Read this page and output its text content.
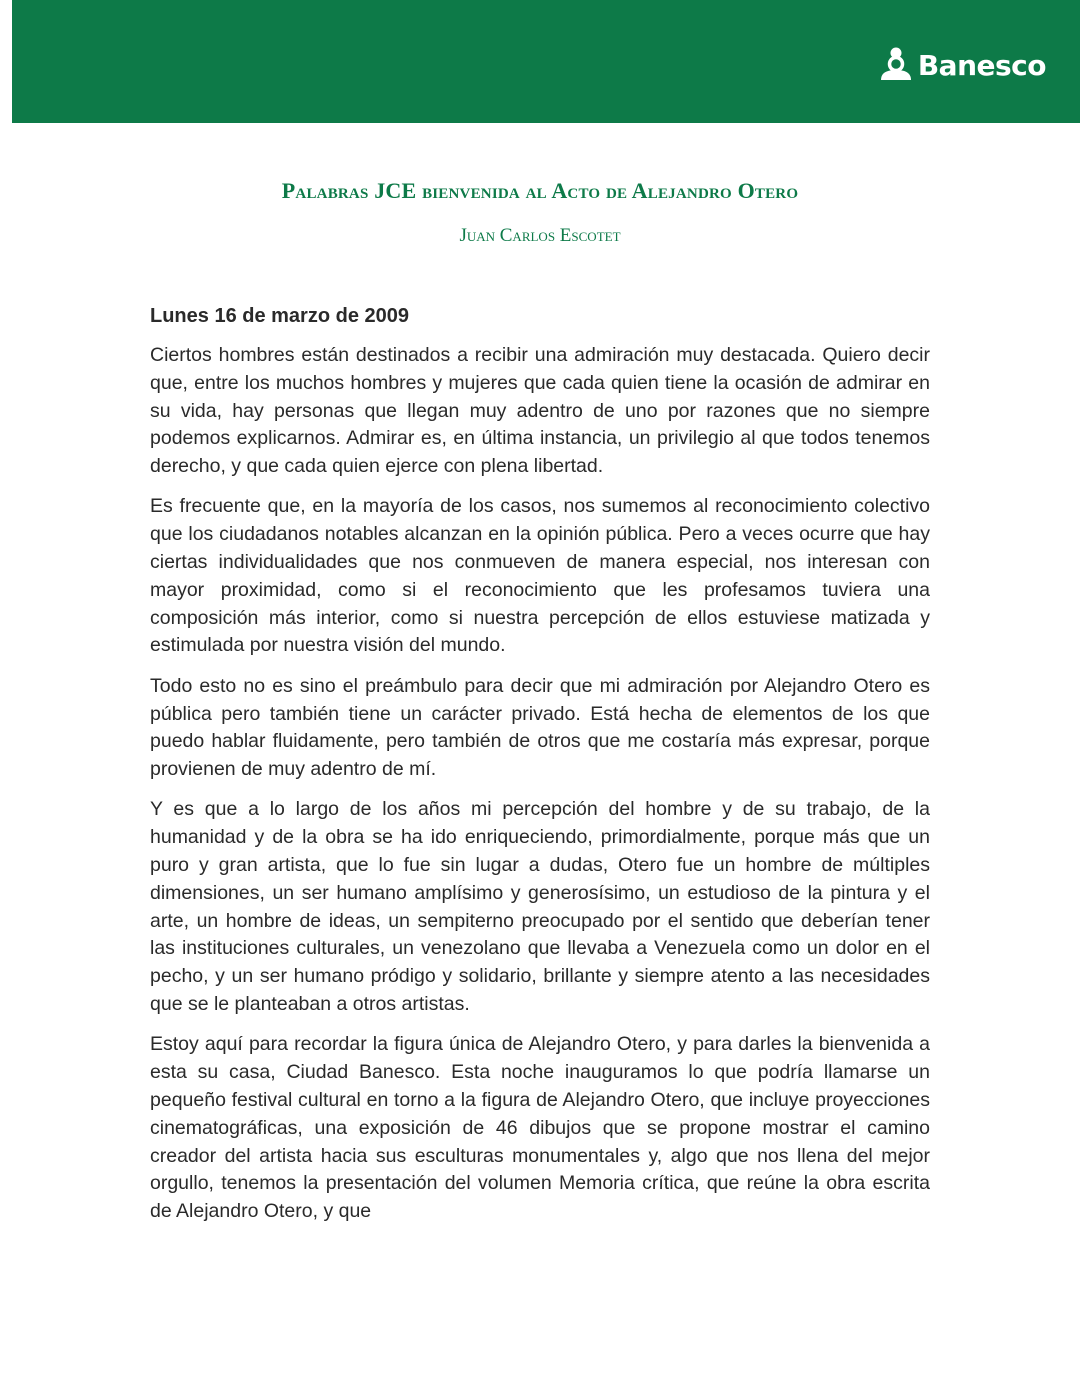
Banesco
Palabras JCE bienvenida al Acto de Alejandro Otero
Juan Carlos Escotet

Lunes 16 de marzo de 2009

Ciertos hombres están destinados a recibir una admiración muy destacada. Quiero decir que, entre los muchos hombres y mujeres que cada quien tiene la ocasión de admirar en su vida, hay personas que llegan muy adentro de uno por razones que no siempre podemos explicarnos. Admirar es, en última instancia, un privilegio al que todos tenemos derecho, y que cada quien ejerce con plena libertad.

Es frecuente que, en la mayoría de los casos, nos sumemos al reconocimiento colectivo que los ciudadanos notables alcanzan en la opinión pública. Pero a veces ocurre que hay ciertas individualidades que nos conmueven de manera especial, nos interesan con mayor proximidad, como si el reconocimiento que les profesamos tuviera una composición más interior, como si nuestra percepción de ellos estuviese matizada y estimulada por nuestra visión del mundo.

Todo esto no es sino el preámbulo para decir que mi admiración por Alejandro Otero es pública pero también tiene un carácter privado. Está hecha de elementos de los que puedo hablar fluidamente, pero también de otros que me costaría más expresar, porque provienen de muy adentro de mí.

Y es que a lo largo de los años mi percepción del hombre y de su trabajo, de la humanidad y de la obra se ha ido enriqueciendo, primordialmente, porque más que un puro y gran artista, que lo fue sin lugar a dudas, Otero fue un hombre de múltiples dimensiones, un ser humano amplísimo y generosísimo, un estudioso de la pintura y el arte, un hombre de ideas, un sempiterno preocupado por el sentido que deberían tener las instituciones culturales, un venezolano que llevaba a Venezuela como un dolor en el pecho, y un ser humano pródigo y solidario, brillante y siempre atento a las necesidades que se le planteaban a otros artistas.

Estoy aquí para recordar la figura única de Alejandro Otero, y para darles la bienvenida a esta su casa, Ciudad Banesco. Esta noche inauguramos lo que podría llamarse un pequeño festival cultural en torno a la figura de Alejandro Otero, que incluye proyecciones cinematográficas, una exposición de 46 dibujos que se propone mostrar el camino creador del artista hacia sus esculturas monumentales y, algo que nos llena del mejor orgullo, tenemos la presentación del volumen Memoria crítica, que reúne la obra escrita de Alejandro Otero, y que
